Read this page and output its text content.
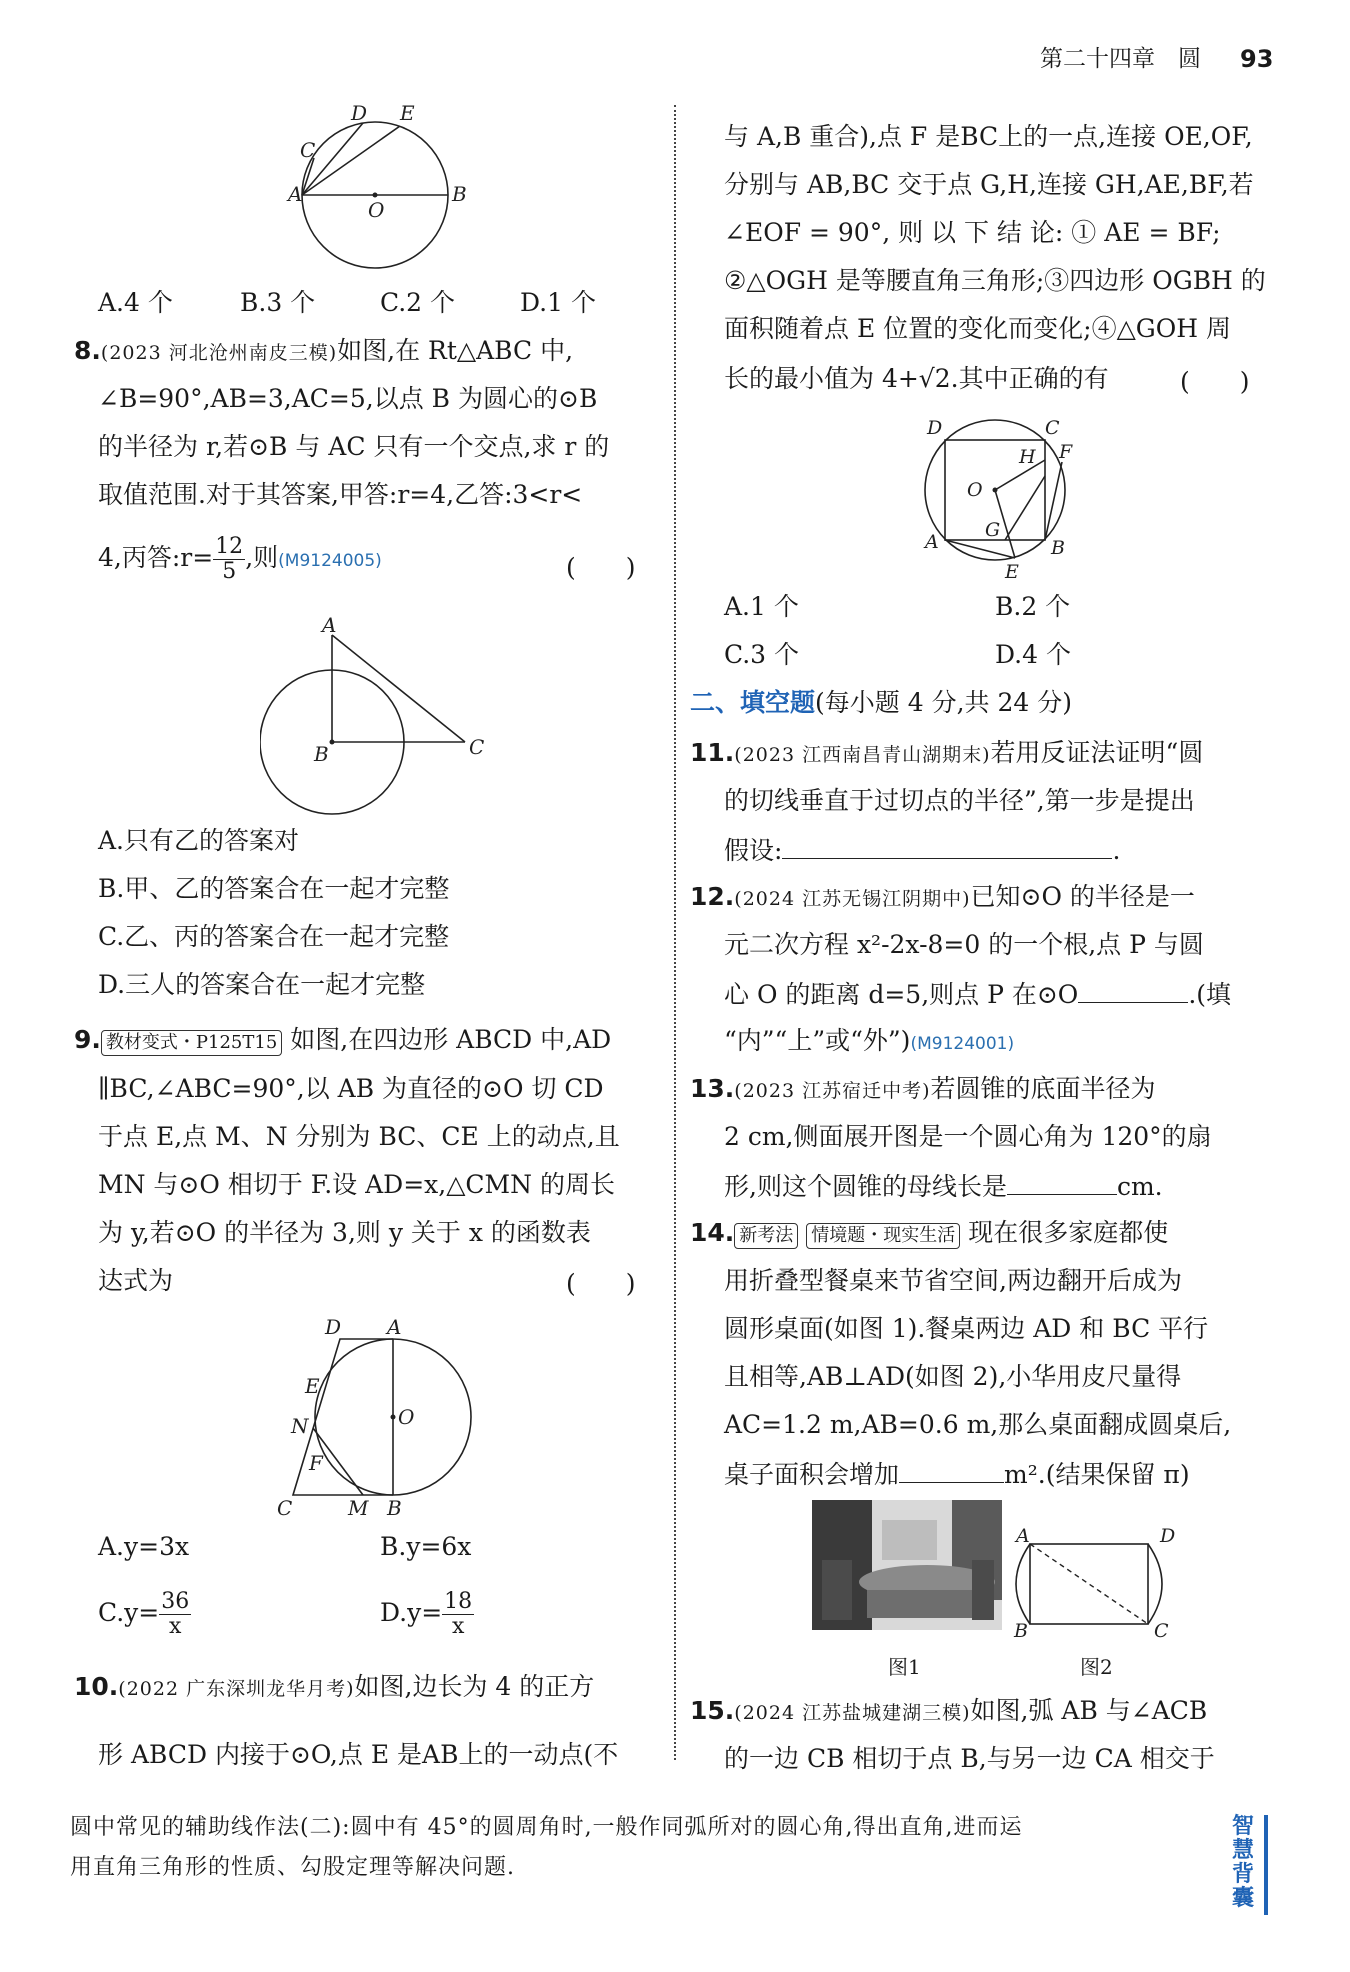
第二十四章　 圆 93
A
C
D E
O
B
A.4 个	B.3 个	C.2 个	D.1 个
8.(2023 河北沧州南皮三模)如图,在 Rt△ABC 中,
∠B=90°,AB=3,AC=5,以点 B 为圆心的⊙B
的半径为 r,若⊙B 与 AC 只有一个交点,求 r 的
取值范围.对于其答案,甲答:r=4,乙答:3<r<
4,丙答:r= $\frac{12}{5}$ ,则(M9124005)	(　　)
A
B	C
A.只有乙的答案对
B.甲、乙的答案合在一起才完整
C.乙、丙的答案合在一起才完整
D.三人的答案合在一起才完整
9. 教材变式・P125T15 如图,在四边形 ABCD 中,AD
∥BC,∠ABC=90°,以 AB 为直径的⊙O 切 CD
于点 E,点 M、N 分别为 BC、CE 上的动点,且
MN 与⊙O 相切于 F.设 AD=x,△CMN 的周长
为 y,若⊙O 的半径为 3,则 y 关于 x 的函数表
达式为	(　　)
D A
E
N	O
F
C	M B
A.y=3x	B.y=6x
$C.y= \frac{36}{x}$	$D.y= \frac{18}{x}$
10.(2022 广东深圳龙华月考)如图,边长为 4 的正方
形 ABCD 内接于⊙O,点 E 是AB上的一动点(不
与 A,B 重合),点 F 是BC上的一点,连接 OE,OF,
分别与 AB,BC 交于点 G,H,连接 GH,AE,BF,若
∠EOF = 90°, 则 以 下 结 论: ① AE = BF;
②△OGH 是等腰直角三角形;③四边形 OGBH 的
面积随着点 E 位置的变化而变化;④△GOH 周
长的最小值为 4+√2.其中正确的有	(　　)
D	C
H F
O
G
A
E
B
A.1 个	B.2 个
C.3 个	D.4 个
二、填空题(每小题 4 分,共 24 分)
11.(2023 江西南昌青山湖期末)若用反证法证明“圆
的切线垂直于过切点的半径”,第一步是提出
假设:	.
12.(2024 江苏无锡江阴期中)已知⊙O 的半径是一
元二次方程 x²-2x-8=0 的一个根,点 P 与圆
心 O 的距离 d=5,则点 P 在⊙O	.(填
“内”“上”或“外”)(M9124001)
13.(2023 江苏宿迁中考)若圆锥的底面半径为
2 cm,侧面展开图是一个圆心角为 120°的扇
形,则这个圆锥的母线长是	cm.
14. 新考法 情境题・现实生活 现在很多家庭都使
用折叠型餐桌来节省空间,两边翻开后成为
圆形桌面(如图 1).餐桌两边 AD 和 BC 平行
且相等,AB⊥AD(如图 2),小华用皮尺量得
AC=1.2 m,AB=0.6 m,那么桌面翻成圆桌后,
桌子面积会增加	m².(结果保留 π)
A	D
B	C
图1	图2
15.(2024 江苏盐城建湖三模)如图,弧 AB 与∠ACB
的一边 CB 相切于点 B,与另一边 CA 相交于
圆中常见的辅助线作法(二):圆中有 45°的圆周角时,一般作同弧所对的圆心角,得出直角,进而运
用直角三角形的性质、勾股定理等解决问题.
智慧背囊
